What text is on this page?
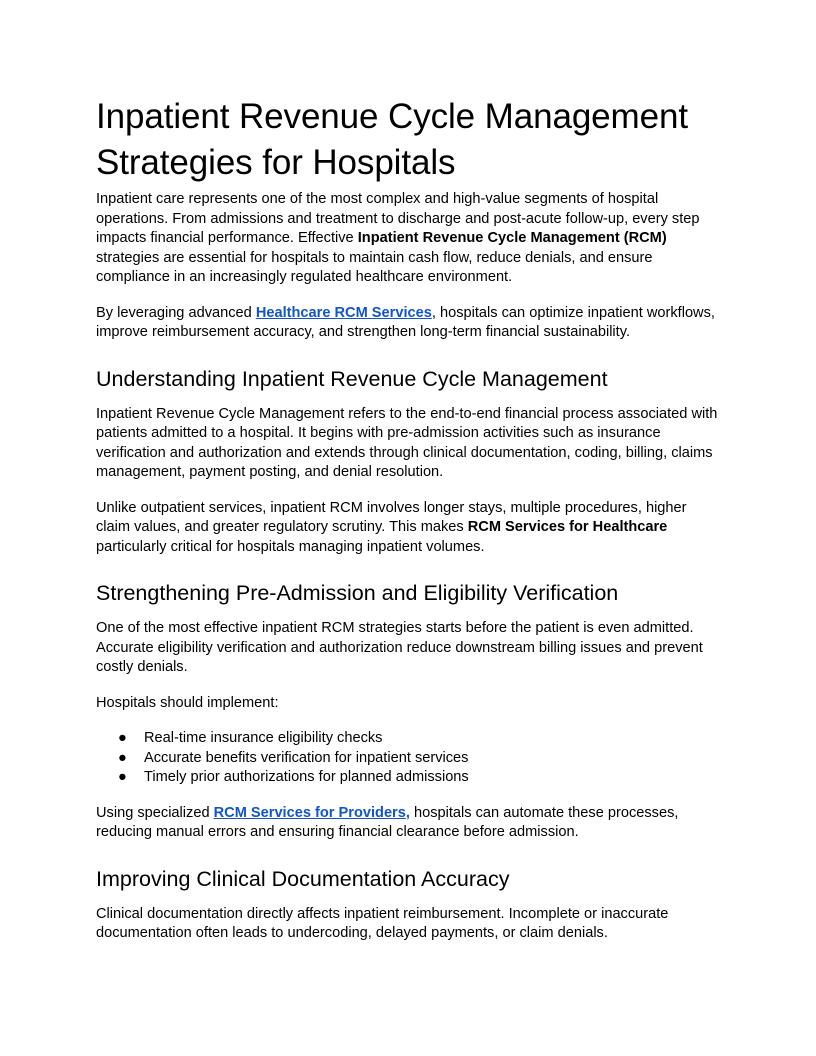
Inpatient Revenue Cycle Management Strategies for Hospitals

Inpatient care represents one of the most complex and high-value segments of hospital operations. From admissions and treatment to discharge and post-acute follow-up, every step impacts financial performance. Effective Inpatient Revenue Cycle Management (RCM) strategies are essential for hospitals to maintain cash flow, reduce denials, and ensure compliance in an increasingly regulated healthcare environment.

By leveraging advanced Healthcare RCM Services, hospitals can optimize inpatient workflows, improve reimbursement accuracy, and strengthen long-term financial sustainability.

Understanding Inpatient Revenue Cycle Management

Inpatient Revenue Cycle Management refers to the end-to-end financial process associated with patients admitted to a hospital. It begins with pre-admission activities such as insurance verification and authorization and extends through clinical documentation, coding, billing, claims management, payment posting, and denial resolution.

Unlike outpatient services, inpatient RCM involves longer stays, multiple procedures, higher claim values, and greater regulatory scrutiny. This makes RCM Services for Healthcare particularly critical for hospitals managing inpatient volumes.

Strengthening Pre-Admission and Eligibility Verification

One of the most effective inpatient RCM strategies starts before the patient is even admitted. Accurate eligibility verification and authorization reduce downstream billing issues and prevent costly denials.

Hospitals should implement:

● Real-time insurance eligibility checks
● Accurate benefits verification for inpatient services
● Timely prior authorizations for planned admissions

Using specialized RCM Services for Providers, hospitals can automate these processes, reducing manual errors and ensuring financial clearance before admission.

Improving Clinical Documentation Accuracy

Clinical documentation directly affects inpatient reimbursement. Incomplete or inaccurate documentation often leads to undercoding, delayed payments, or claim denials.
